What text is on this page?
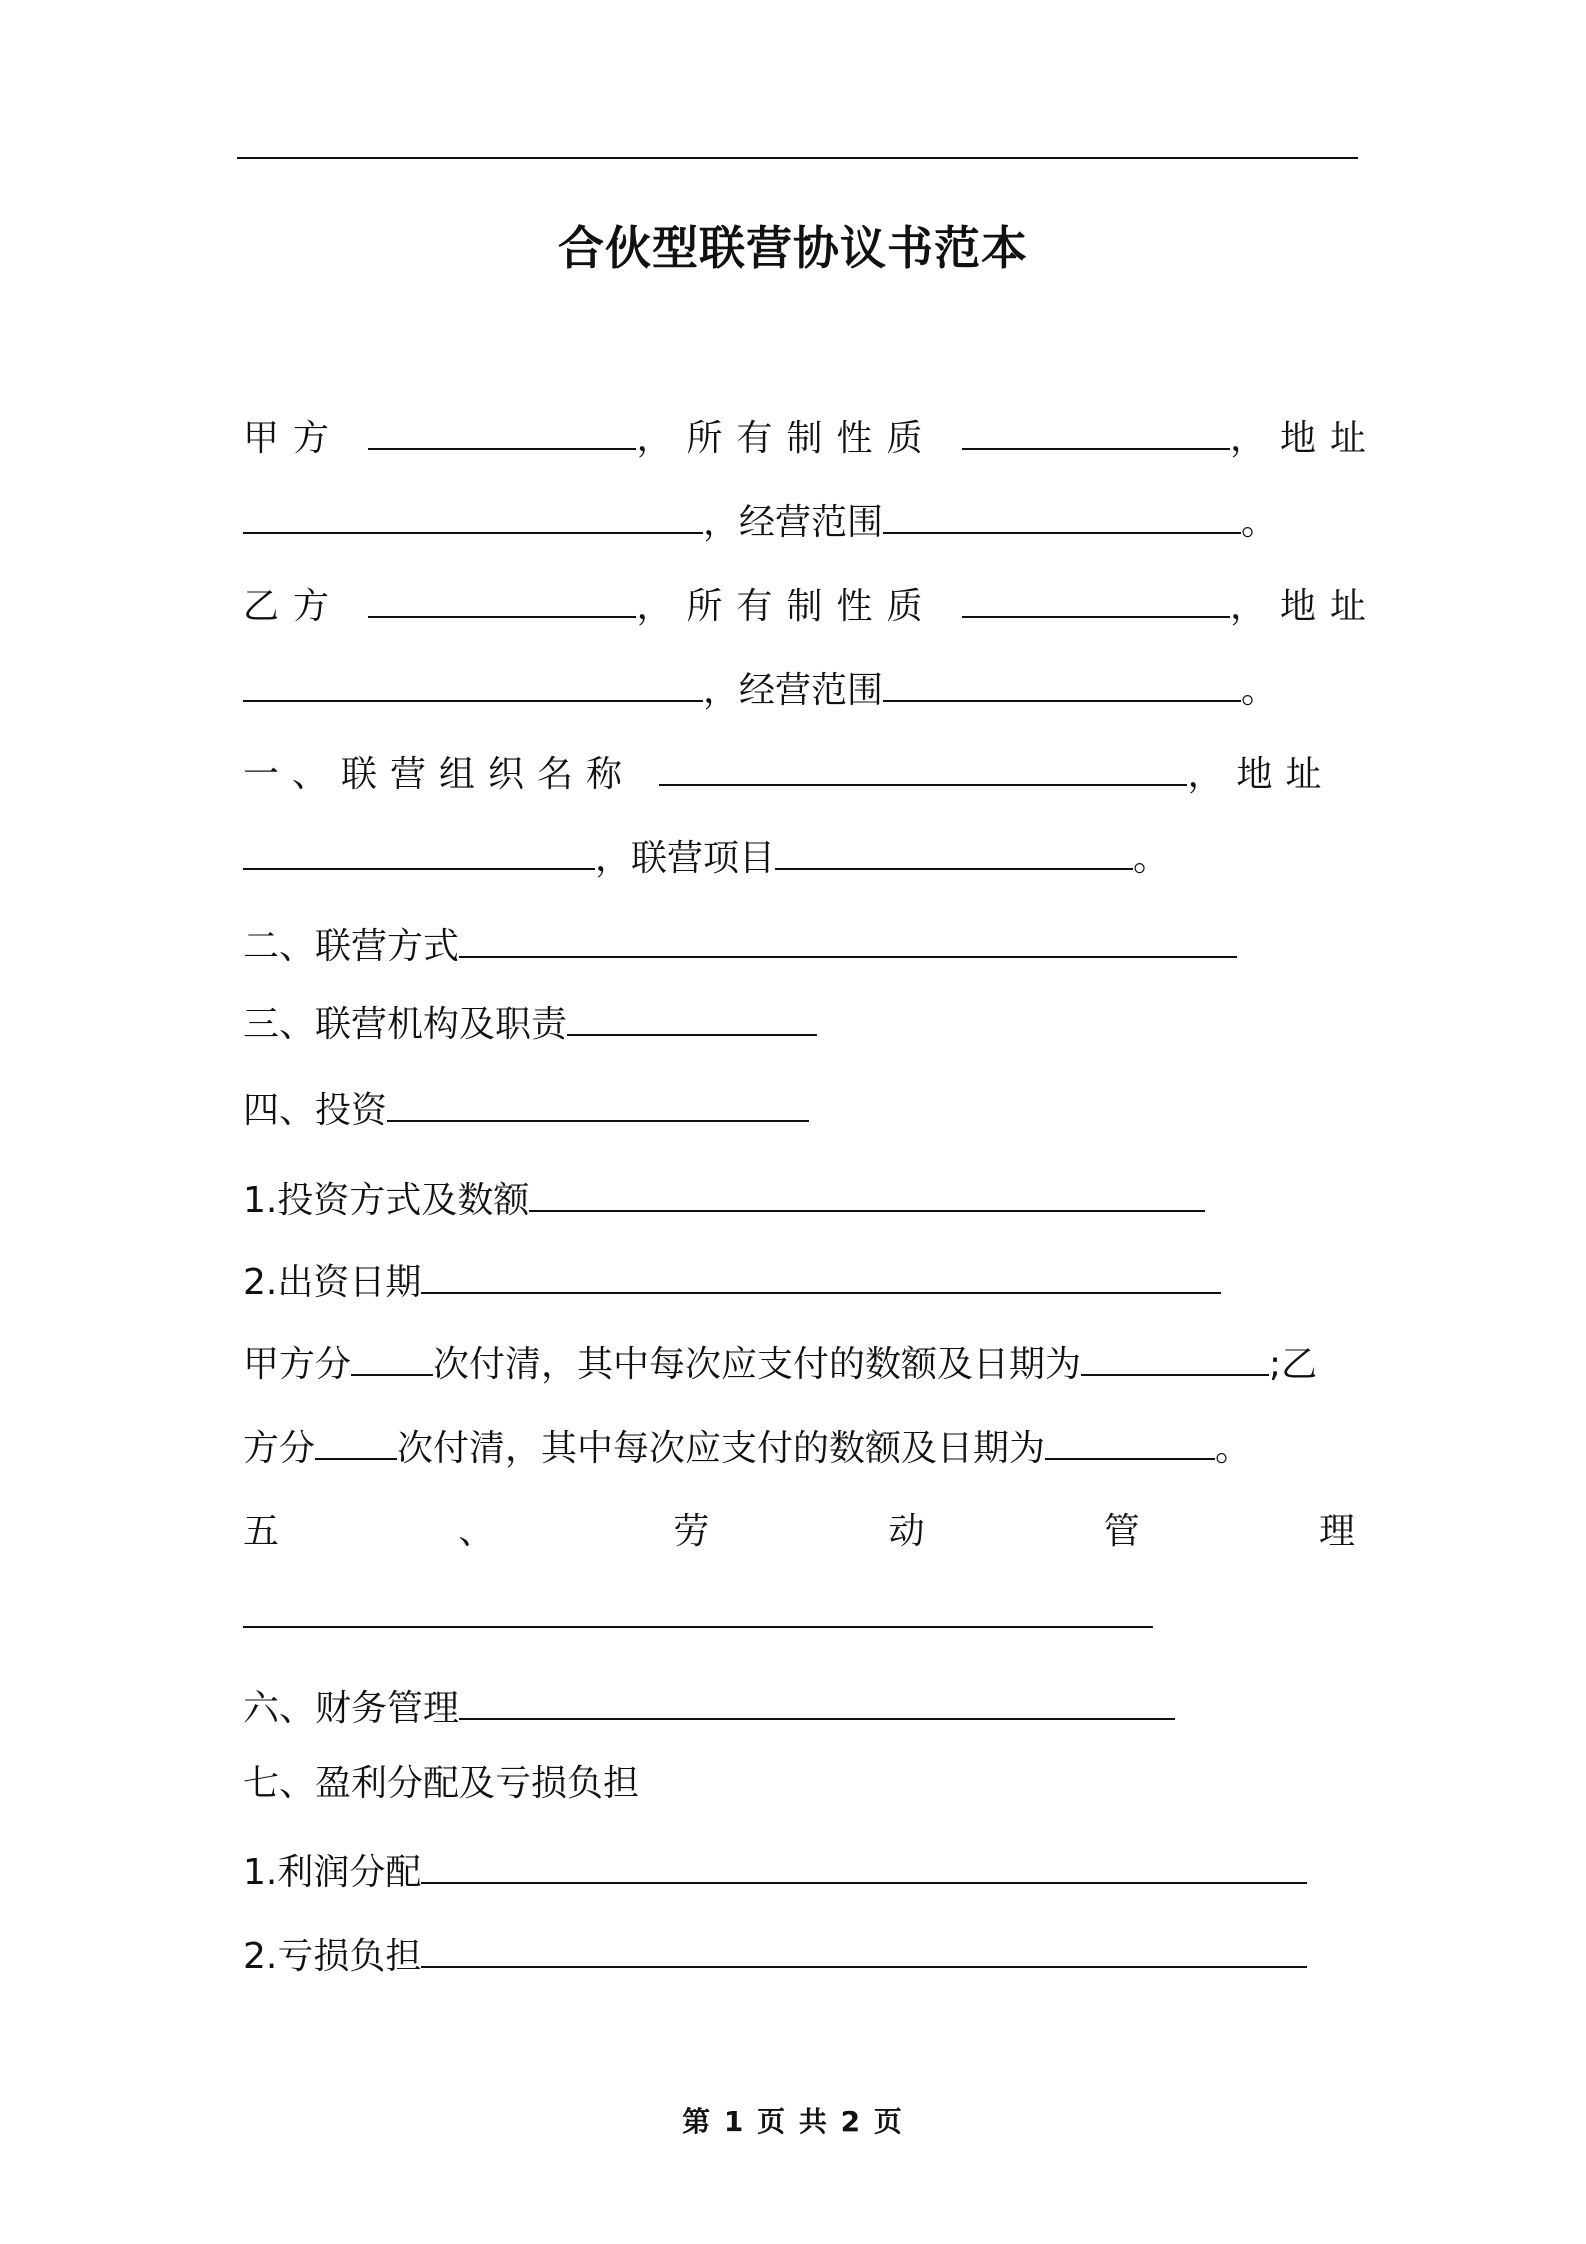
合伙型联营协议书范本
甲方	，所有制性质	，地址
，经营范围	。
乙方	，所有制性质	，地址
，经营范围	。
一、联营组织名称	，地址
，联营项目	。
二、联营方式
三、联营机构及职责
四、投资
1.投资方式及数额
2.出资日期
甲方分 次付清，其中每次应支付的数额及日期为	;乙
方分 次付清，其中每次应支付的数额及日期为	。
五	、	劳	动	管	理
六、财务管理
七、盈利分配及亏损负担
1.利润分配
2.亏损负担
第 1 页 共 2 页
